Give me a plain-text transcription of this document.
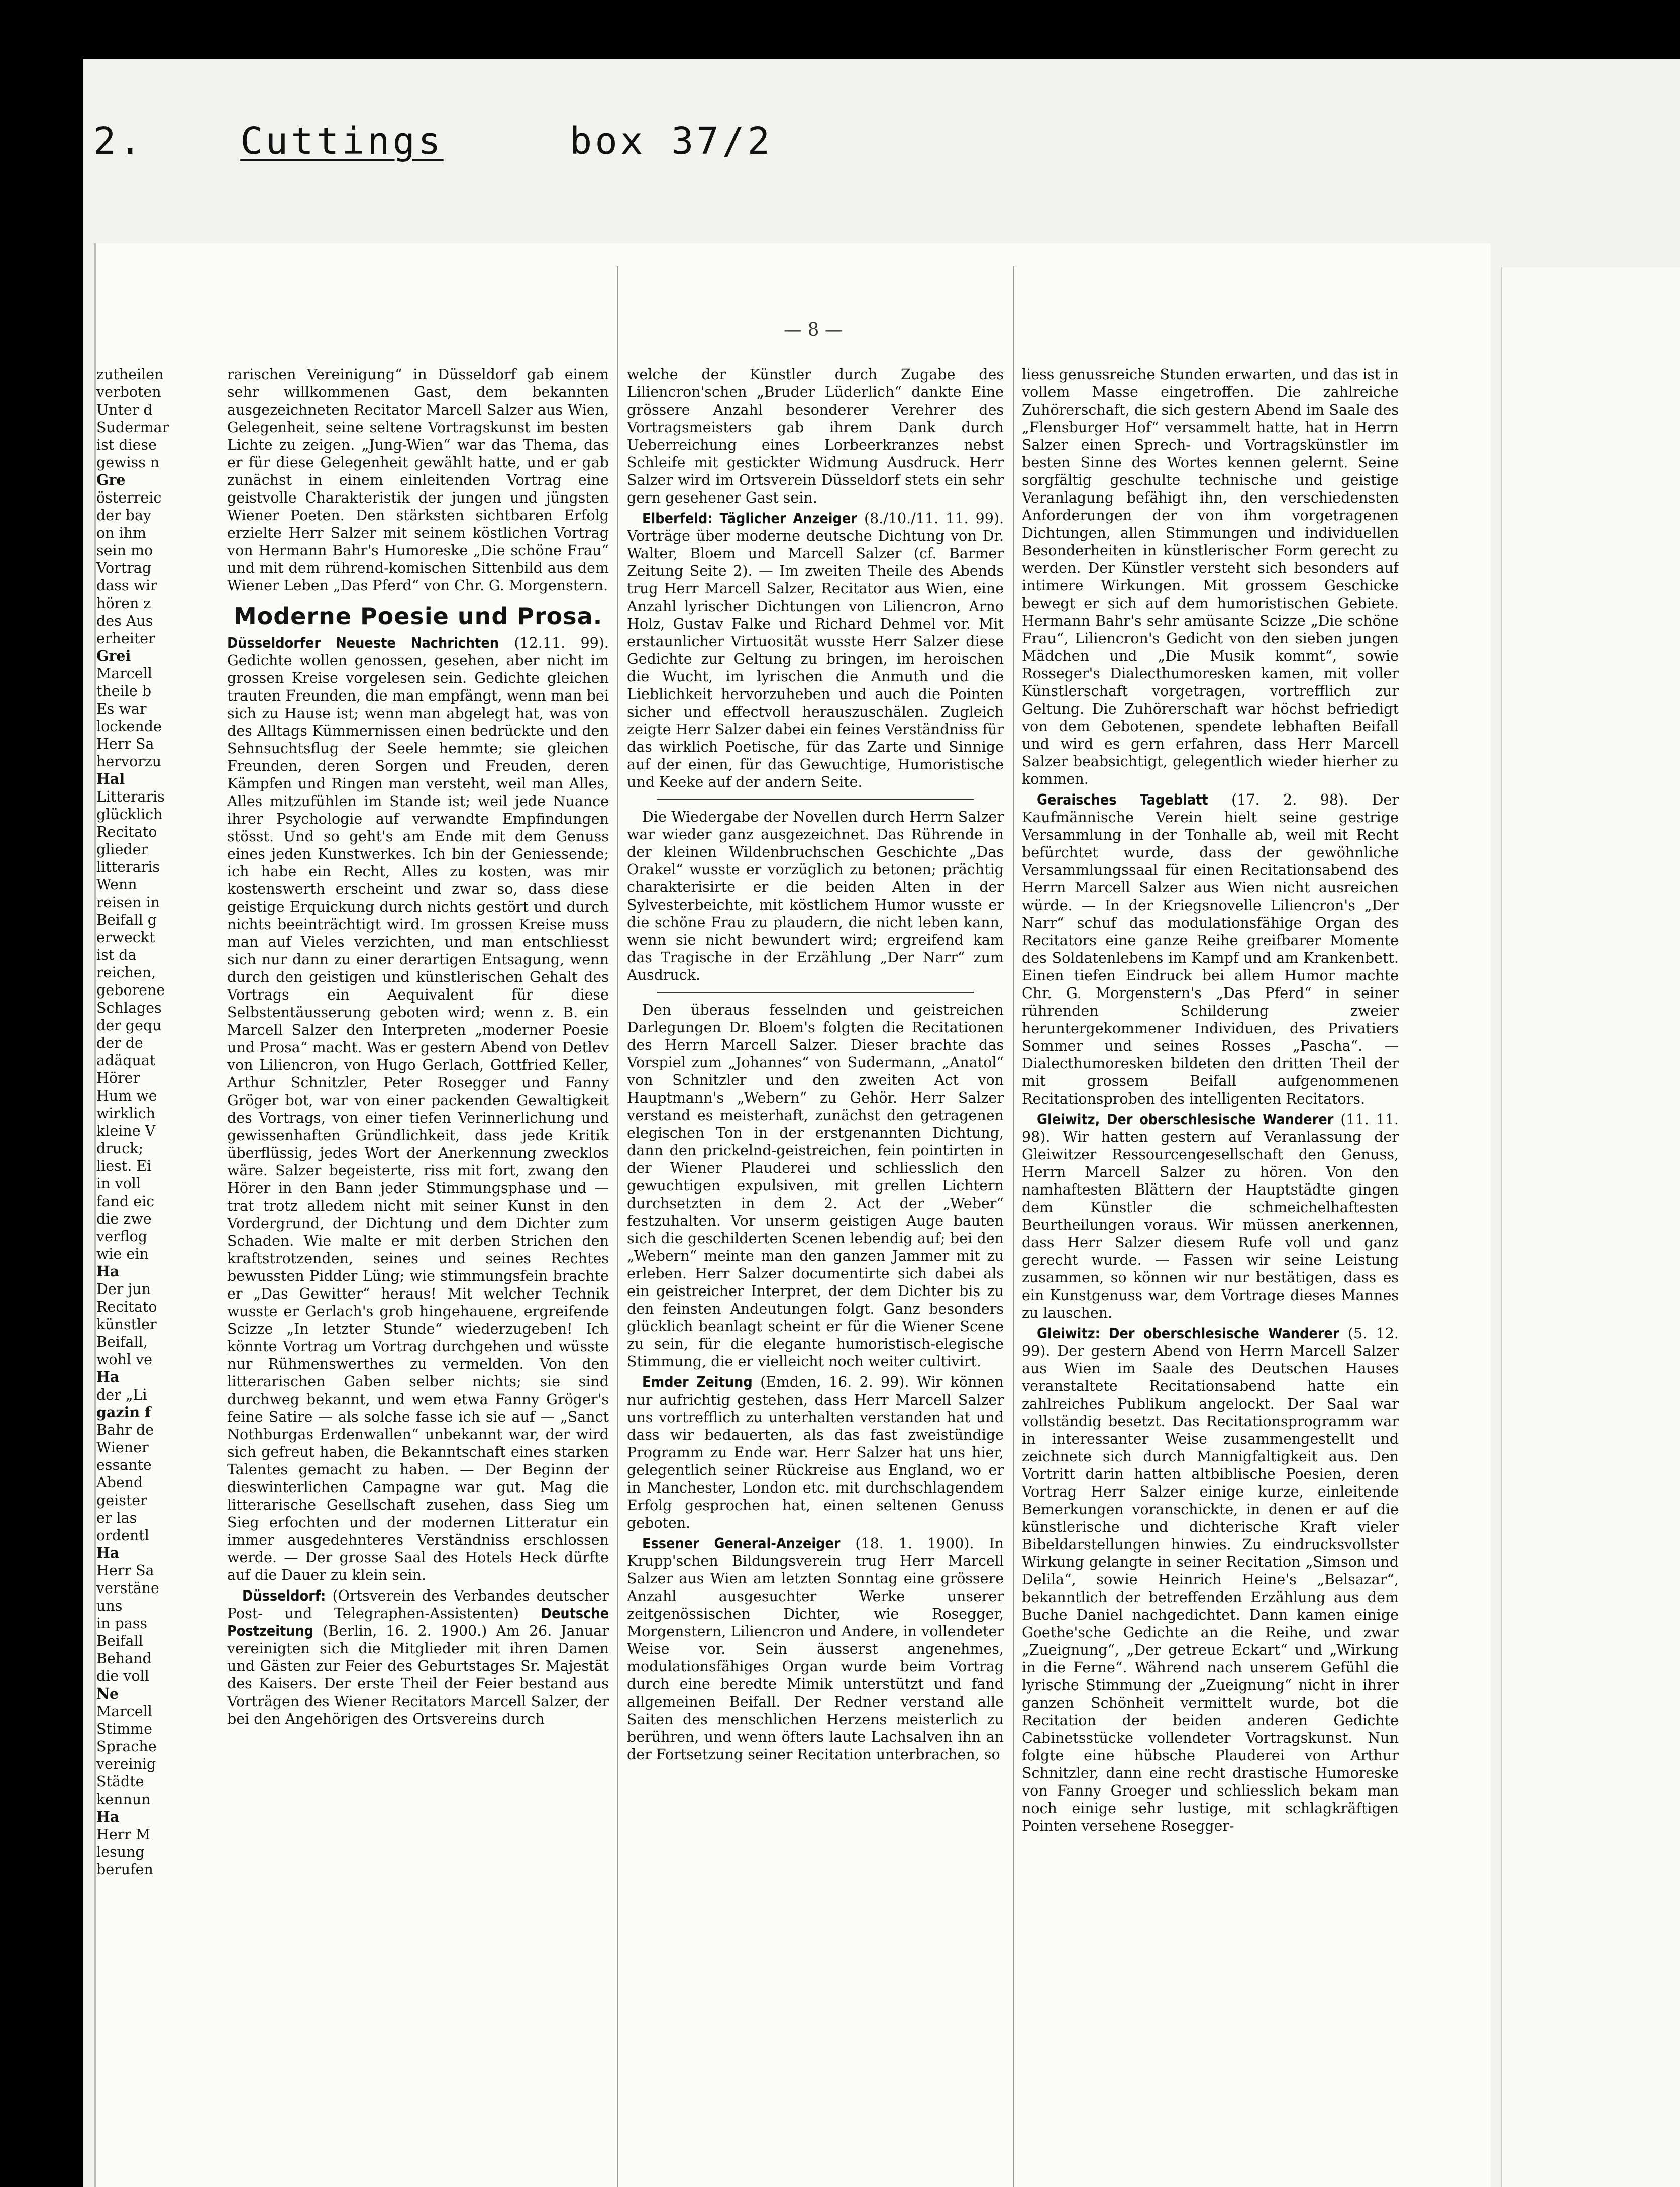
2.	Cuttings	box 37/2
— 8 —

rarischen Vereinigung“ in Düsseldorf gab einem sehr willkommenen Gast, dem bekannten ausgezeichneten Recitator Marcell Salzer aus Wien, Gelegenheit, seine seltene Vortragskunst im besten Lichte zu zeigen. „Jung-Wien“ war das Thema, das er für diese Gelegenheit gewählt hatte, und er gab zunächst in einem einleitenden Vortrag eine geistvolle Charakteristik der jungen und jüngsten Wiener Poeten. Den stärksten sichtbaren Erfolg erzielte Herr Salzer mit seinem köstlichen Vortrag von Hermann Bahr's Humoreske „Die schöne Frau“ und mit dem rührend-komischen Sittenbild aus dem Wiener Leben „Das Pferd“ von Chr. G. Morgenstern.

Moderne Poesie und Prosa.

Düsseldorfer Neueste Nachrichten (12.11. 99). Gedichte wollen genossen, gesehen, aber nicht im grossen Kreise vorgelesen sein. Gedichte gleichen trauten Freunden, die man empfängt, wenn man bei sich zu Hause ist; wenn man abgelegt hat, was von des Alltags Kümmernissen einen bedrückte und den Sehnsuchtsflug der Seele hemmte; sie gleichen Freunden, deren Sorgen und Freuden, deren Kämpfen und Ringen man versteht, weil man Alles, Alles mitzufühlen im Stande ist; weil jede Nuance ihrer Psychologie auf verwandte Empfindungen stösst. Und so geht's am Ende mit dem Genuss eines jeden Kunstwerkes. Ich bin der Geniessende; ich habe ein Recht, Alles zu kosten, was mir kostenswerth erscheint und zwar so, dass diese geistige Erquickung durch nichts gestört und durch nichts beeinträchtigt wird. Im grossen Kreise muss man auf Vieles verzichten, und man entschliesst sich nur dann zu einer derartigen Entsagung, wenn durch den geistigen und künstlerischen Gehalt des Vortrags ein Aequivalent für diese Selbstentäusserung geboten wird; wenn z. B. ein Marcell Salzer den Interpreten „moderner Poesie und Prosa“ macht. Was er gestern Abend von Detlev von Liliencron, von Hugo Gerlach, Gottfried Keller, Arthur Schnitzler, Peter Rosegger und Fanny Gröger bot, war von einer packenden Gewaltigkeit des Vortrags, von einer tiefen Verinnerlichung und gewissenhaften Gründlichkeit, dass jede Kritik überflüssig, jedes Wort der Anerkennung zwecklos wäre. Salzer begeisterte, riss mit fort, zwang den Hörer in den Bann jeder Stimmungsphase und — trat trotz alledem nicht mit seiner Kunst in den Vordergrund, der Dichtung und dem Dichter zum Schaden. Wie malte er mit derben Strichen den kraftstrotzenden, seines und seines Rechtes bewussten Pidder Lüng; wie stimmungsfein brachte er „Das Gewitter“ heraus! Mit welcher Technik wusste er Gerlach's grob hingehauene, ergreifende Scizze „In letzter Stunde“ wiederzugeben! Ich könnte Vortrag um Vortrag durchgehen und wüsste nur Rühmenswerthes zu vermelden. Von den litterarischen Gaben selber nichts; sie sind durchweg bekannt, und wem etwa Fanny Gröger's feine Satire — als solche fasse ich sie auf — „Sanct Nothburgas Erdenwallen“ unbekannt war, der wird sich gefreut haben, die Bekanntschaft eines starken Talentes gemacht zu haben. — Der Beginn der dieswinterlichen Campagne war gut. Mag die litterarische Gesellschaft zusehen, dass Sieg um Sieg erfochten und der modernen Litteratur ein immer ausgedehnteres Verständniss erschlossen werde. — Der grosse Saal des Hotels Heck dürfte auf die Dauer zu klein sein.

Düsseldorf: (Ortsverein des Verbandes deutscher Post- und Telegraphen-Assistenten) Deutsche Postzeitung (Berlin, 16. 2. 1900.) Am 26. Januar vereinigten sich die Mitglieder mit ihren Damen und Gästen zur Feier des Geburtstages Sr. Majestät des Kaisers. Der erste Theil der Feier bestand aus Vorträgen des Wiener Recitators Marcell Salzer, der bei den Angehörigen des Ortsvereins durch

welche der Künstler durch Zugabe des Liliencron'schen „Bruder Lüderlich“ dankte Eine grössere Anzahl besonderer Verehrer des Vortragsmeisters gab ihrem Dank durch Ueberreichung eines Lorbeerkranzes nebst Schleife mit gestickter Widmung Ausdruck. Herr Salzer wird im Ortsverein Düsseldorf stets ein sehr gern gesehener Gast sein.

Elberfeld: Täglicher Anzeiger (8./10./11. 11. 99). Vorträge über moderne deutsche Dichtung von Dr. Walter, Bloem und Marcell Salzer (cf. Barmer Zeitung Seite 2). — Im zweiten Theile des Abends trug Herr Marcell Salzer, Recitator aus Wien, eine Anzahl lyrischer Dichtungen von Liliencron, Arno Holz, Gustav Falke und Richard Dehmel vor. Mit erstaunlicher Virtuosität wusste Herr Salzer diese Gedichte zur Geltung zu bringen, im heroischen die Wucht, im lyrischen die Anmuth und die Lieblichkeit hervorzuheben und auch die Pointen sicher und effectvoll herauszuschälen. Zugleich zeigte Herr Salzer dabei ein feines Verständniss für das wirklich Poetische, für das Zarte und Sinnige auf der einen, für das Gewuchtige, Humoristische und Keeke auf der andern Seite.

Die Wiedergabe der Novellen durch Herrn Salzer war wieder ganz ausgezeichnet. Das Rührende in der kleinen Wildenbruchschen Geschichte „Das Orakel“ wusste er vorzüglich zu betonen; prächtig charakterisirte er die beiden Alten in der Sylvesterbeichte, mit köstlichem Humor wusste er die schöne Frau zu plaudern, die nicht leben kann, wenn sie nicht bewundert wird; ergreifend kam das Tragische in der Erzählung „Der Narr“ zum Ausdruck.

Den überaus fesselnden und geistreichen Darlegungen Dr. Bloem's folgten die Recitationen des Herrn Marcell Salzer. Dieser brachte das Vorspiel zum „Johannes“ von Sudermann, „Anatol“ von Schnitzler und den zweiten Act von Hauptmann's „Webern“ zu Gehör. Herr Salzer verstand es meisterhaft, zunächst den getragenen elegischen Ton in der erstgenannten Dichtung, dann den prickelnd-geistreichen, fein pointirten in der Wiener Plauderei und schliesslich den gewuchtigen expulsiven, mit grellen Lichtern durchsetzten in dem 2. Act der „Weber“ festzuhalten. Vor unserm geistigen Auge bauten sich die geschilderten Scenen lebendig auf; bei den „Webern“ meinte man den ganzen Jammer mit zu erleben. Herr Salzer documentirte sich dabei als ein geistreicher Interpret, der dem Dichter bis zu den feinsten Andeutungen folgt. Ganz besonders glücklich beanlagt scheint er für die Wiener Scene zu sein, für die elegante humoristisch-elegische Stimmung, die er vielleicht noch weiter cultivirt.

Emder Zeitung (Emden, 16. 2. 99). Wir können nur aufrichtig gestehen, dass Herr Marcell Salzer uns vortrefflich zu unterhalten verstanden hat und dass wir bedauerten, als das fast zweistündige Programm zu Ende war. Herr Salzer hat uns hier, gelegentlich seiner Rückreise aus England, wo er in Manchester, London etc. mit durchschlagendem Erfolg gesprochen hat, einen seltenen Genuss geboten.

Essener General-Anzeiger (18. 1. 1900). In Krupp'schen Bildungsverein trug Herr Marcell Salzer aus Wien am letzten Sonntag eine grössere Anzahl ausgesuchter Werke unserer zeitgenössischen Dichter, wie Rosegger, Morgenstern, Liliencron und Andere, in vollendeter Weise vor. Sein äusserst angenehmes, modulationsfähiges Organ wurde beim Vortrag durch eine beredte Mimik unterstützt und fand allgemeinen Beifall. Der Redner verstand alle Saiten des menschlichen Herzens meisterlich zu berühren, und wenn öfters laute Lachsalven ihn an der Fortsetzung seiner Recitation unterbrachen, so

liess genussreiche Stunden erwarten, und das ist in vollem Masse eingetroffen. Die zahlreiche Zuhörerschaft, die sich gestern Abend im Saale des „Flensburger Hof“ versammelt hatte, hat in Herrn Salzer einen Sprech- und Vortragskünstler im besten Sinne des Wortes kennen gelernt. Seine sorgfältig geschulte technische und geistige Veranlagung befähigt ihn, den verschiedensten Anforderungen der von ihm vorgetragenen Dichtungen, allen Stimmungen und individuellen Besonderheiten in künstlerischer Form gerecht zu werden. Der Künstler versteht sich besonders auf intimere Wirkungen. Mit grossem Geschicke bewegt er sich auf dem humoristischen Gebiete. Hermann Bahr's sehr amüsante Scizze „Die schöne Frau“, Liliencron's Gedicht von den sieben jungen Mädchen und „Die Musik kommt“, sowie Rosseger's Dialecthumoresken kamen, mit voller Künstlerschaft vorgetragen, vortrefflich zur Geltung. Die Zuhörerschaft war höchst befriedigt von dem Gebotenen, spendete lebhaften Beifall und wird es gern erfahren, dass Herr Marcell Salzer beabsichtigt, gelegentlich wieder hierher zu kommen.

Geraisches Tageblatt (17. 2. 98). Der Kaufmännische Verein hielt seine gestrige Versammlung in der Tonhalle ab, weil mit Recht befürchtet wurde, dass der gewöhnliche Versammlungssaal für einen Recitationsabend des Herrn Marcell Salzer aus Wien nicht ausreichen würde. — In der Kriegsnovelle Liliencron's „Der Narr“ schuf das modulationsfähige Organ des Recitators eine ganze Reihe greifbarer Momente des Soldatenlebens im Kampf und am Krankenbett. Einen tiefen Eindruck bei allem Humor machte Chr. G. Morgenstern's „Das Pferd“ in seiner rührenden Schilderung zweier heruntergekommener Individuen, des Privatiers Sommer und seines Rosses „Pascha“. — Dialecthumoresken bildeten den dritten Theil der mit grossem Beifall aufgenommenen Recitationsproben des intelligenten Recitators.

Gleiwitz, Der oberschlesische Wanderer (11. 11. 98). Wir hatten gestern auf Veranlassung der Gleiwitzer Ressourcengesellschaft den Genuss, Herrn Marcell Salzer zu hören. Von den namhaftesten Blättern der Hauptstädte gingen dem Künstler die schmeichelhaftesten Beurtheilungen voraus. Wir müssen anerkennen, dass Herr Salzer diesem Rufe voll und ganz gerecht wurde. — Fassen wir seine Leistung zusammen, so können wir nur bestätigen, dass es ein Kunstgenuss war, dem Vortrage dieses Mannes zu lauschen.

Gleiwitz: Der oberschlesische Wanderer (5. 12. 99). Der gestern Abend von Herrn Marcell Salzer aus Wien im Saale des Deutschen Hauses veranstaltete Recitationsabend hatte ein zahlreiches Publikum angelockt. Der Saal war vollständig besetzt. Das Recitationsprogramm war in interessanter Weise zusammengestellt und zeichnete sich durch Mannigfaltigkeit aus. Den Vortritt darin hatten altbiblische Poesien, deren Vortrag Herr Salzer einige kurze, einleitende Bemerkungen voranschickte, in denen er auf die künstlerische und dichterische Kraft vieler Bibeldarstellungen hinwies. Zu eindrucksvollster Wirkung gelangte in seiner Recitation „Simson und Delila“, sowie Heinrich Heine's „Belsazar“, bekanntlich der betreffenden Erzählung aus dem Buche Daniel nachgedichtet. Dann kamen einige Goethe'sche Gedichte an die Reihe, und zwar „Zueignung“, „Der getreue Eckart“ und „Wirkung in die Ferne“. Während nach unserem Gefühl die lyrische Stimmung der „Zueignung“ nicht in ihrer ganzen Schönheit vermittelt wurde, bot die Recitation der beiden anderen Gedichte Cabinetsstücke vollendeter Vortragskunst. Nun folgte eine hübsche Plauderei von Arthur Schnitzler, dann eine recht drastische Humoreske von Fanny Groeger und schliesslich bekam man noch einige sehr lustige, mit schlagkräftigen Pointen versehene Rosegger-

zutheilen
verboten
Unter d
Sudermar
ist diese
gewiss n
Gre
österreic
der bay
on ihm
sein mo
Vortrag
dass wir
hören z
des Aus
erheiter
Grei
Marcell
theile b
Es war
lockende
Herr Sa
hervorzu
Hal
Litteraris
glücklich
Recitato
glieder
litteraris
Wenn
reisen in
Beifall g
erweckt
ist da
reichen,
geborene
Schlages
der gequ
der de
adäquat
Hörer
Hum we
wirklich
kleine V
druck;
liest. Ei
in voll
fand eic
die zwe
verflog
wie ein
Ha
Der jun
Recitato
künstler
Beifall,
wohl ve
Ha
der „Li
gazin f
Bahr de
Wiener
essante
Abend
geister
er las
ordentl
Ha
Herr Sa
verstäne
uns
in pass
Beifall
Behand
die voll
Ne
Marcell
Stimme
Sprache
vereinig
Städte
kennun
Ha
Herr M
lesung
berufen
